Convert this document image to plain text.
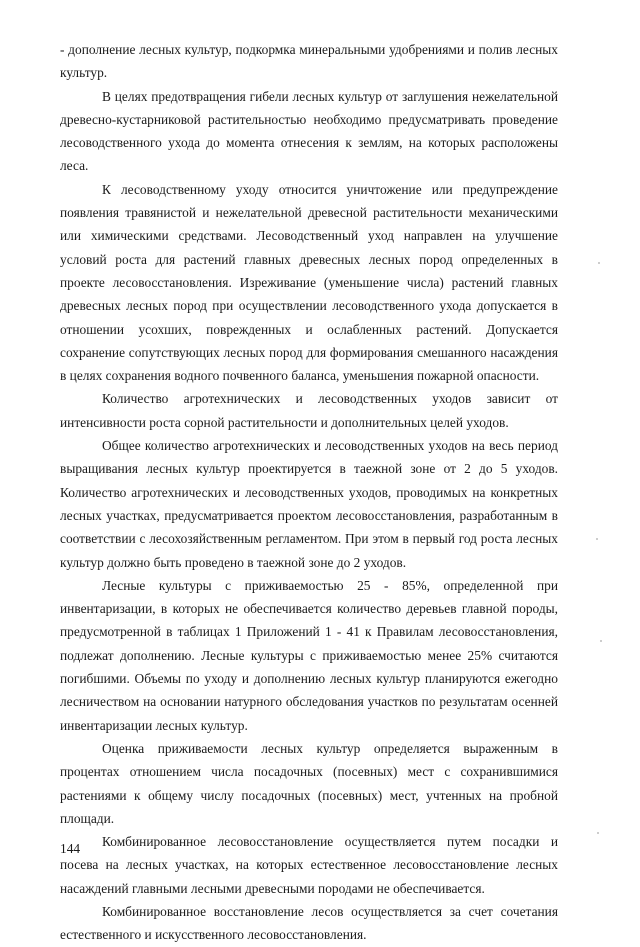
- дополнение лесных культур, подкормка минеральными удобрениями и полив лесных культур.

В целях предотвращения гибели лесных культур от заглушения нежелательной древесно-кустарниковой растительностью необходимо предусматривать проведение лесоводственного ухода до момента отнесения к землям, на которых расположены леса.

К лесоводственному уходу относится уничтожение или предупреждение появления травянистой и нежелательной древесной растительности механическими или химическими средствами. Лесоводственный уход направлен на улучшение условий роста для растений главных древесных лесных пород определенных в проекте лесовосстановления. Изреживание (уменьшение числа) растений главных древесных лесных пород при осуществлении лесоводственного ухода допускается в отношении усохших, поврежденных и ослабленных растений. Допускается сохранение сопутствующих лесных пород для формирования смешанного насаждения в целях сохранения водного почвенного баланса, уменьшения пожарной опасности.

Количество агротехнических и лесоводственных уходов зависит от интенсивности роста сорной растительности и дополнительных целей уходов.

Общее количество агротехнических и лесоводственных уходов на весь период выращивания лесных культур проектируется в таежной зоне от 2 до 5 уходов. Количество агротехнических и лесоводственных уходов, проводимых на конкретных лесных участках, предусматривается проектом лесовосстановления, разработанным в соответствии с лесохозяйственным регламентом. При этом в первый год роста лесных культур должно быть проведено в таежной зоне до 2 уходов.

Лесные культуры с приживаемостью 25 - 85%, определенной при инвентаризации, в которых не обеспечивается количество деревьев главной породы, предусмотренной в таблицах 1 Приложений 1 - 41 к Правилам лесовосстановления, подлежат дополнению. Лесные культуры с приживаемостью менее 25% считаются погибшими. Объемы по уходу и дополнению лесных культур планируются ежегодно лесничеством на основании натурного обследования участков по результатам осенней инвентаризации лесных культур.

Оценка приживаемости лесных культур определяется выраженным в процентах отношением числа посадочных (посевных) мест с сохранившимися растениями к общему числу посадочных (посевных) мест, учтенных на пробной площади.

Комбинированное лесовосстановление осуществляется путем посадки и посева на лесных участках, на которых естественное лесовосстановление лесных насаждений главными лесными древесными породами не обеспечивается.

Комбинированное восстановление лесов осуществляется за счет сочетания естественного и искусственного лесовосстановления.

144
